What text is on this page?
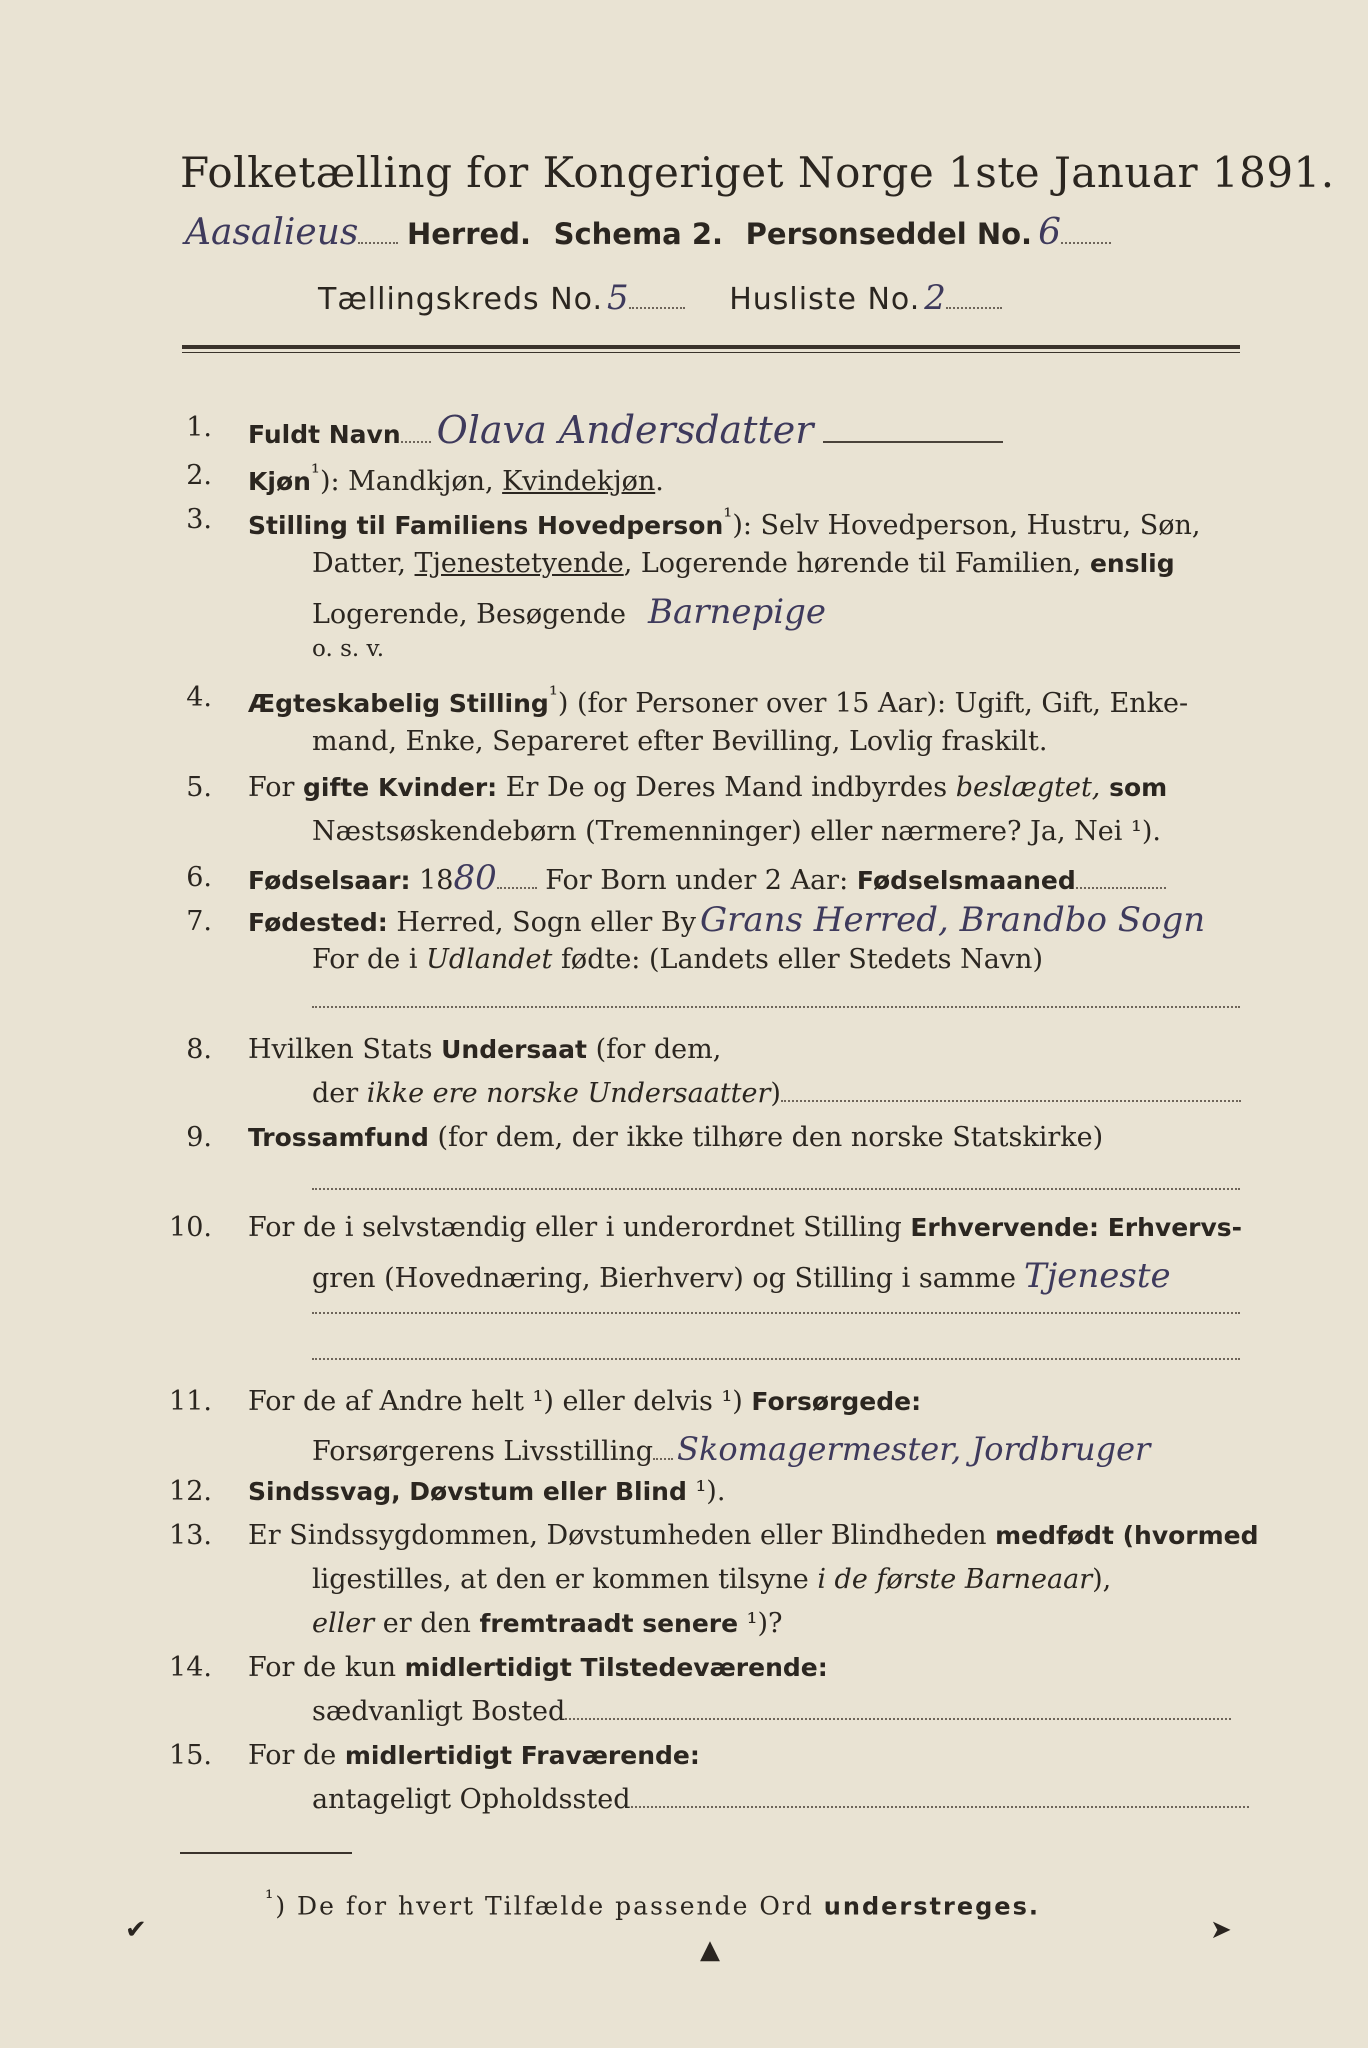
Folketælling for Kongeriget Norge 1ste Januar 1891.
Aasalieus Herred. Schema 2. Personseddel No. 6
Tællingskreds No. 5	Husliste No. 2
1. Fuldt Navn Olava Andersdatter
2. Kjøn$^{^1}$): Mandkjøn, Kvindekjøn.
3. Stilling til Familiens Hovedperson$^{^1}$): Selv Hovedperson, Hustru, Søn,
Datter, Tjenestetyende, Logerende hørende til Familien, enslig
Logerende, Besøgende Barnepige
o. s. v.
4. Ægteskabelig Stilling$^{^1}$) (for Personer over 15 Aar): Ugift, Gift, Enke-
mand, Enke, Separeret efter Bevilling, Lovlig fraskilt.
5. For gifte Kvinder: Er De og Deres Mand indbyrdes beslægtet, som
Næstsøskendebørn (Tremenninger) eller nærmere? Ja, Nei ¹).
6. Fødselsaar: 1880 For Born under 2 Aar: Fødselsmaaned
7. Fødested: Herred, Sogn eller By Grans Herred, Brandbo Sogn
For de i Udlandet fødte: (Landets eller Stedets Navn)
8. Hvilken Stats Undersaat (for dem,
der ikke ere norske Undersaatter)
9. Trossamfund (for dem, der ikke tilhøre den norske Statskirke)
10. For de i selvstændig eller i underordnet Stilling Erhvervende: Erhvervs-
gren (Hovednæring, Bierhverv) og Stilling i samme Tjeneste
11. For de af Andre helt ¹) eller delvis ¹) Forsørgede:
Forsørgerens Livsstilling Skomagermester, Jordbruger
12. Sindssvag, Døvstum eller Blind ¹).
13. Er Sindssygdommen, Døvstumheden eller Blindheden medfødt (hvormed
ligestilles, at den er kommen tilsyne i de første Barneaar),
eller er den fremtraadt senere ¹)?
14. For de kun midlertidigt Tilstedeværende:
sædvanligt Bosted
15. For de midlertidigt Fraværende:
antageligt Opholdssted
$^{^1}$) De for hvert Tilfælde passende Ord understreges.
✔
▲
➤
